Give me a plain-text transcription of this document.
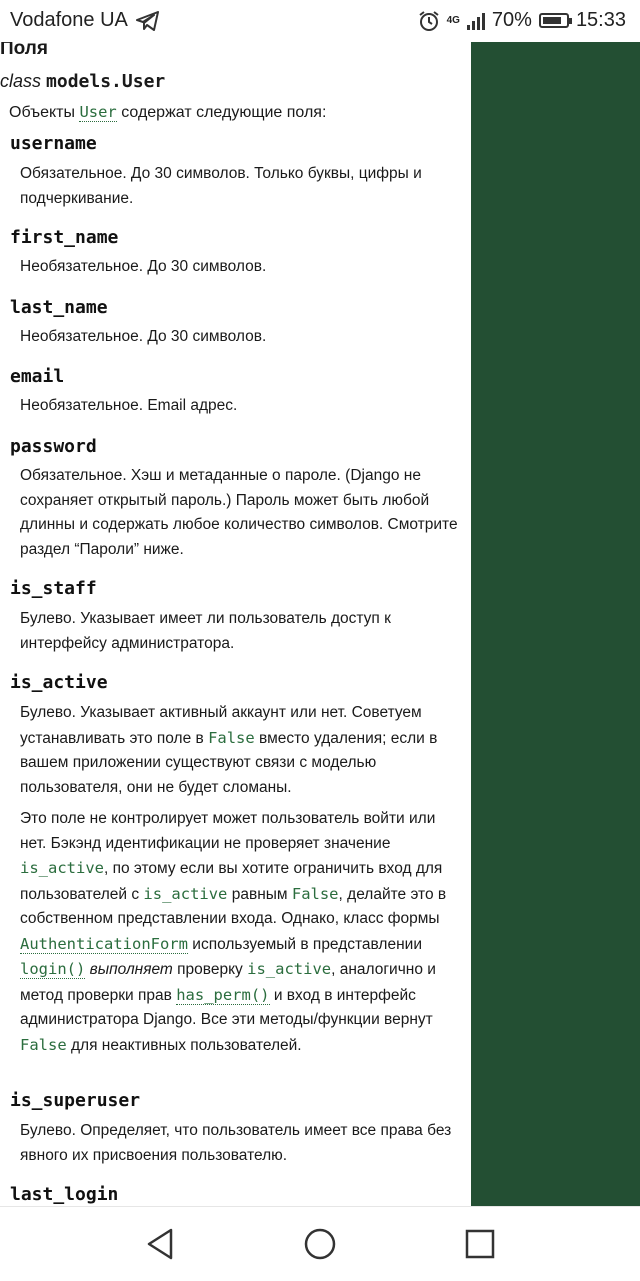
Vodafone UA	4G 70% 15:33
Поля
class models.User
Объекты User содержат следующие поля:
username
Обязательное. До 30 символов. Только буквы, цифры и подчеркивание.
first_name
Необязательное. До 30 символов.
last_name
Необязательное. До 30 символов.
email
Необязательное. Email адрес.
password
Обязательное. Хэш и метаданные о пароле. (Django не сохраняет открытый пароль.) Пароль может быть любой длинны и содержать любое количество символов. Смотрите раздел “Пароли” ниже.
is_staff
Булево. Указывает имеет ли пользователь доступ к интерфейсу администратора.
is_active
Булево. Указывает активный аккаунт или нет. Советуем устанавливать это поле в False вместо удаления; если в вашем приложении существуют связи с моделью пользователя, они не будет сломаны.
Это поле не контролирует может пользователь войти или нет. Бэкэнд идентификации не проверяет значение is_active, по этому если вы хотите ограничить вход для пользователей с is_active равным False, делайте это в собственном представлении входа. Однако, класс формы AuthenticationForm используемый в представлении login() выполняет проверку is_active, аналогично и метод проверки прав has_perm() и вход в интерфейс администратора Django. Все эти методы/функции вернут False для неактивных пользователей.
is_superuser
Булево. Определяет, что пользователь имеет все права без явного их присвоения пользователю.
last_login
